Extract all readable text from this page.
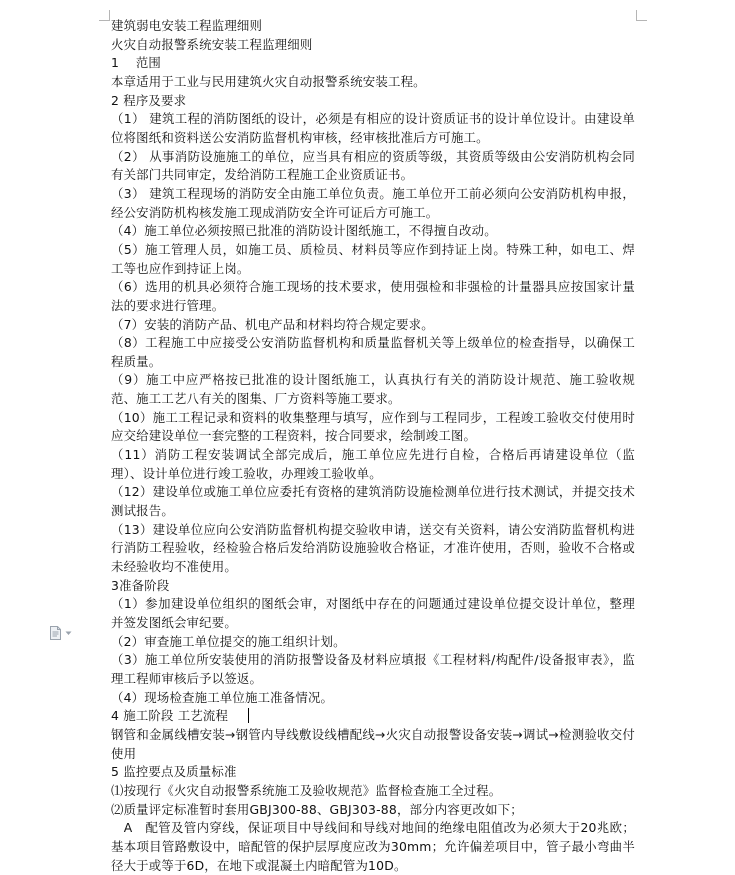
建筑弱电安装工程监理细则

火灾自动报警系统安装工程监理细则

1　 范围

本章适用于工业与民用建筑火灾自动报警系统安装工程。

2 程序及要求

（1） 建筑工程的消防图纸的设计，必须是有相应的设计资质证书的设计单位设计。由建设单位将图纸和资料送公安消防监督机构审核，经审核批准后方可施工。

（2） 从事消防设施施工的单位，应当具有相应的资质等级，其资质等级由公安消防机构会同有关部门共同审定，发给消防工程施工企业资质证书。

（3） 建筑工程现场的消防安全由施工单位负责。施工单位开工前必须向公安消防机构申报，经公安消防机构核发施工现成消防安全许可证后方可施工。

（4）施工单位必须按照已批准的消防设计图纸施工，不得擅自改动。

（5）施工管理人员，如施工员、质检员、材料员等应作到持证上岗。特殊工种，如电工、焊工等也应作到持证上岗。

（6）选用的机具必须符合施工现场的技术要求，使用强检和非强检的计量器具应按国家计量法的要求进行管理。

（7）安装的消防产品、机电产品和材料均符合规定要求。

（8）工程施工中应接受公安消防监督机构和质量监督机关等上级单位的检查指导，以确保工程质量。

（9）施工中应严格按已批准的设计图纸施工，认真执行有关的消防设计规范、施工验收规范、施工工艺八有关的图集、厂方资料等施工要求。

（10）施工工程记录和资料的收集整理与填写，应作到与工程同步，工程竣工验收交付使用时应交给建设单位一套完整的工程资料，按合同要求，绘制竣工图。

（11）消防工程安装调试全部完成后，施工单位应先进行自检，合格后再请建设单位（监理）、设计单位进行竣工验收，办理竣工验收单。

（12）建设单位或施工单位应委托有资格的建筑消防设施检测单位进行技术测试，并提交技术测试报告。

（13）建设单位应向公安消防监督机构提交验收申请，送交有关资料，请公安消防监督机构进行消防工程验收，经检验合格后发给消防设施验收合格证，才准许使用，否则，验收不合格或未经验收均不准使用。

3准备阶段

（1）参加建设单位组织的图纸会审，对图纸中存在的问题通过建设单位提交设计单位，整理并签发图纸会审纪要。

（2）审查施工单位提交的施工组织计划。

（3）施工单位所安装使用的消防报警设备及材料应填报《工程材料/构配件/设备报审表》，监理工程师审核后予以签返。

（4）现场检查施工单位施工准备情况。

4 施工阶段 工艺流程

钢管和金属线槽安装→钢管内导线敷设线槽配线→火灾自动报警设备安装→调试→检测验收交付使用

5 监控要点及质量标准

⑴按现行《火灾自动报警系统施工及验收规范》监督检查施工全过程。

⑵质量评定标准暂时套用GBJ300-88、GBJ303-88，部分内容更改如下；

　A　配管及管内穿线，保证项目中导线间和导线对地间的绝缘电阻值改为必须大于20兆欧；基本项目管路敷设中，暗配管的保护层厚度应改为30mm；允许偏差项目中，管子最小弯曲半径大于或等于6D，在地下或混凝土内暗配管为10D。
